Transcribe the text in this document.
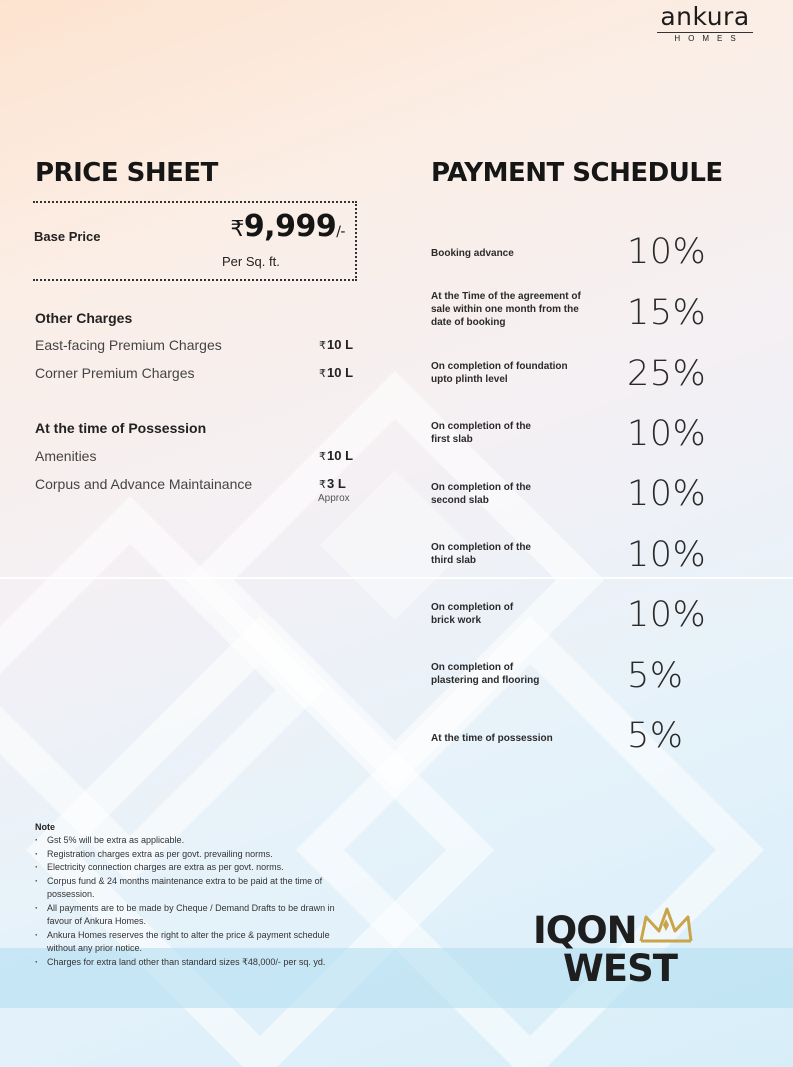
ankura
HOMES
PRICE SHEET
Base Price	₹9,999/-
Per Sq. ft.
Other Charges
East-facing Premium Charges	₹10 L
Corner Premium Charges	₹10 L
At the time of Possession
Amenities	₹10 L
Corpus and Advance Maintainance	₹3 L
Approx
PAYMENT SCHEDULE
Booking advance	10%
At the Time of the agreement of sale within one month from the date of booking	15%
On completion of foundation upto plinth level	25%
On completion of the first slab	10%
On completion of the second slab	10%
On completion of the third slab	10%
On completion of brick work	10%
On completion of plastering and flooring	5%
At the time of possession	5%
Note
· Gst 5% will be extra as applicable.
· Registration charges extra as per govt. prevailing norms.
· Electricity connection charges are extra as per govt. norms.
· Corpus fund & 24 months maintenance extra to be paid at the time of possession.
· All payments are to be made by Cheque / Demand Drafts to be drawn in favour of Ankura Homes.
· Ankura Homes reserves the right to alter the price & payment schedule without any prior notice.
· Charges for extra land other than standard sizes ₹48,000/- per sq. yd.
IQON
WEST
